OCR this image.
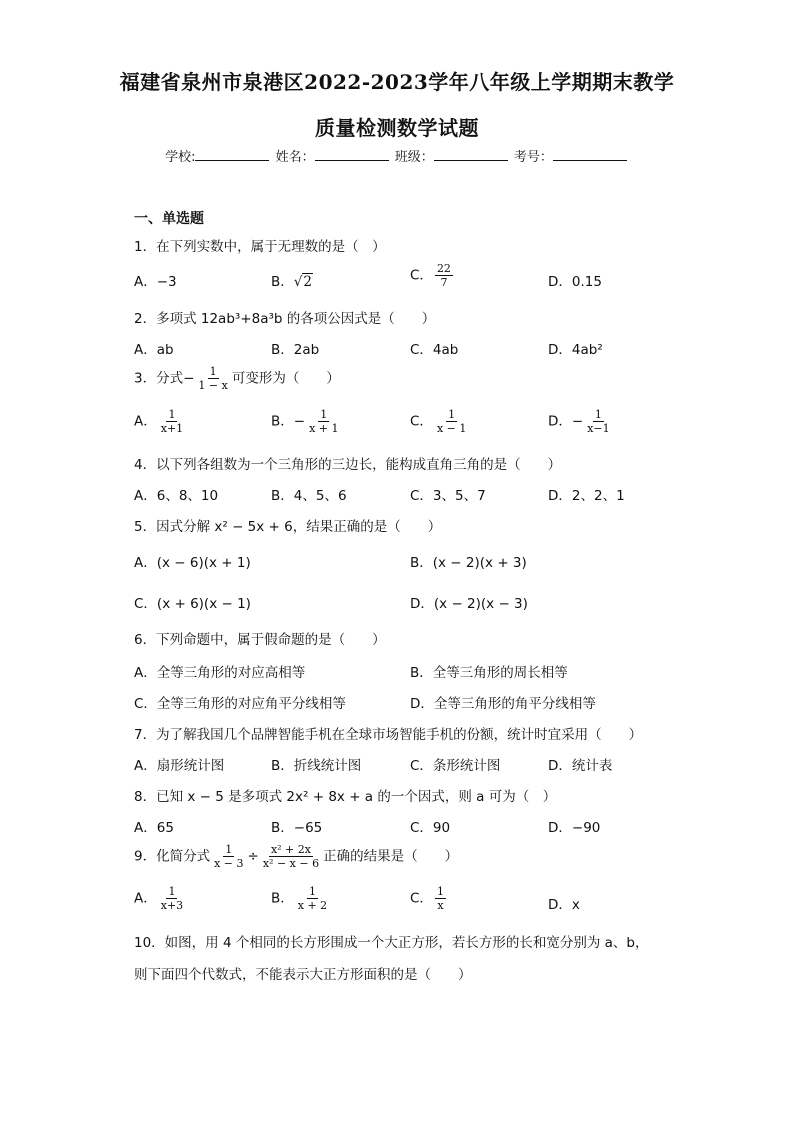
福建省泉州市泉港区2022-2023学年八年级上学期期末教学
质量检测数学试题
学校:	姓名：	班级：	考号：
一、单选题
1．在下列实数中，属于无理数的是（　）
A．−3	B．√2	C． $\frac{22}{7}$	D．0.15
2．多项式 12ab³+8a³b 的各项公因式是（　　）
A．ab	B．2ab	C．4ab	D．4ab²
3．分式− $\frac{1}{1 - x}$ 可变形为（　　）
A． $\frac{1}{x+1}$	B．− $\frac{1}{x + 1}$	C． $\frac{1}{x - 1}$	D．− $\frac{1}{x-1}$
4．以下列各组数为一个三角形的三边长，能构成直角三角的是（　　）
A．6、8、10	B．4、5、6	C．3、5、7	D．2、2、1
5．因式分解 x² − 5x + 6，结果正确的是（　　）
A．(x − 6)(x + 1)	B．(x − 2)(x + 3)
C．(x + 6)(x − 1)	D．(x − 2)(x − 3)
6．下列命题中，属于假命题的是（　　）
A．全等三角形的对应高相等	B．全等三角形的周长相等
C．全等三角形的对应角平分线相等	D．全等三角形的角平分线相等
7．为了解我国几个品牌智能手机在全球市场智能手机的份额，统计时宜采用（　　）
A．扇形统计图	B．折线统计图	C．条形统计图	D．统计表
8．已知 x − 5 是多项式 2x² + 8x + a 的一个因式，则 a 可为（　）
A．65	B．−65	C．90	D．−90
9．化简分式 $\frac{1}{x - 3} \div \frac{\text{x² + 2x}}{\text{x² − x − 6}}$ 正确的结果是（　　）
A． $\frac{1}{x+3}$	B． $\frac{1}{x + 2}$	C． $\frac{1}{x}$	D．x
10．如图，用 4 个相同的长方形围成一个大正方形，若长方形的长和宽分别为 a、b，
则下面四个代数式，不能表示大正方形面积的是（　　）
